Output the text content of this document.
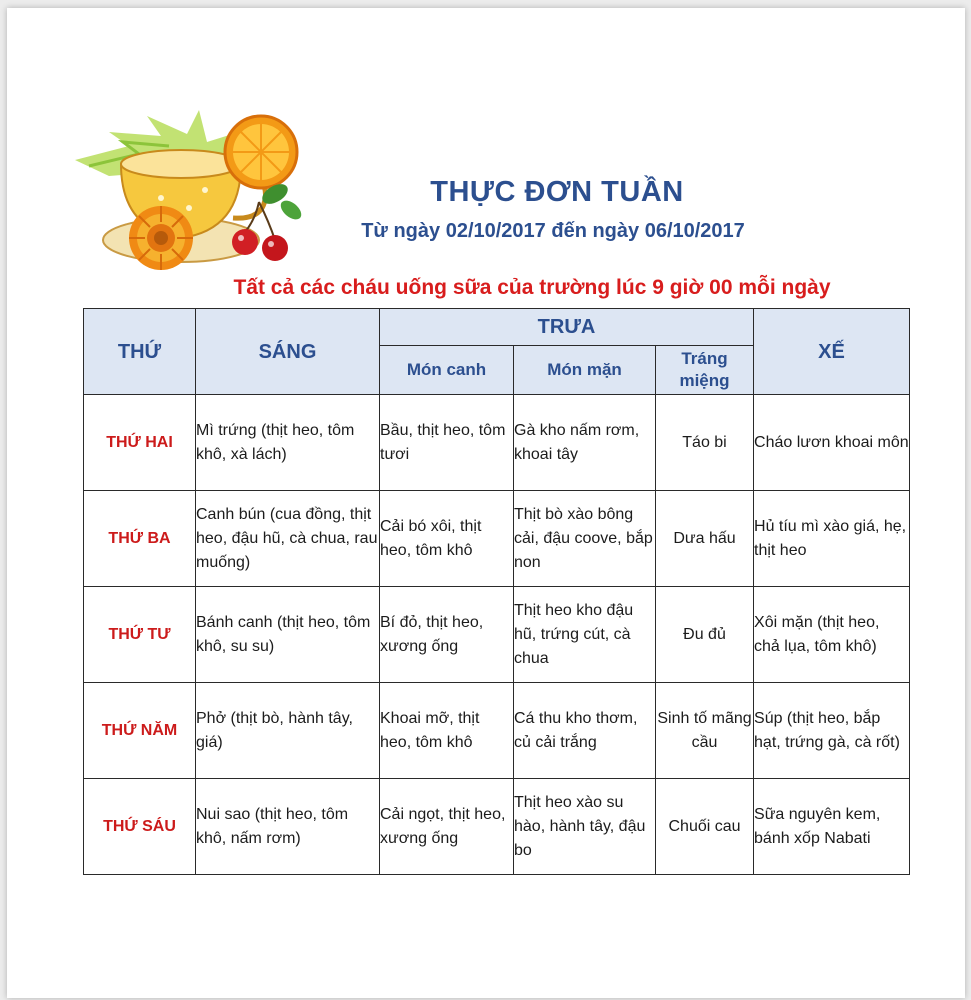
THỰC ĐƠN TUẦN
Từ ngày 02/10/2017 đến ngày 06/10/2017
Tất cả các cháu uống sữa của trường lúc 9 giờ 00 mỗi ngày
THỨ	SÁNG	TRƯA			XẾ
		Món canh	Món mặn	Tráng miệng	
THỨ HAI	Mì trứng (thịt heo, tôm khô, xà lách)	Bầu, thịt heo, tôm tươi	Gà kho nấm rơm, khoai tây	Táo bi	Cháo lươn khoai môn
THỨ BA	Canh bún (cua đồng, thịt heo, đậu hũ, cà chua, rau muống)	Cải bó xôi, thịt heo, tôm khô	Thịt bò xào bông cải, đậu coove, bắp non	Dưa hấu	Hủ tíu mì xào giá, hẹ, thịt heo
THỨ TƯ	Bánh canh (thịt heo, tôm khô, su su)	Bí đỏ, thịt heo, xương ống	Thịt heo kho đậu hũ, trứng cút, cà chua	Đu đủ	Xôi mặn (thịt heo, chả lụa, tôm khô)
THỨ NĂM	Phở (thịt bò, hành tây, giá)	Khoai mỡ, thịt heo, tôm khô	Cá thu kho thơm, củ cải trắng	Sinh tố mãng cầu	Súp (thịt heo, bắp hạt, trứng gà, cà rốt)
THỨ SÁU	Nui sao (thịt heo, tôm khô, nấm rơm)	Cải ngọt, thịt heo, xương ống	Thịt heo xào su hào, hành tây, đậu bo	Chuối cau	Sữa nguyên kem, bánh xốp Nabati
